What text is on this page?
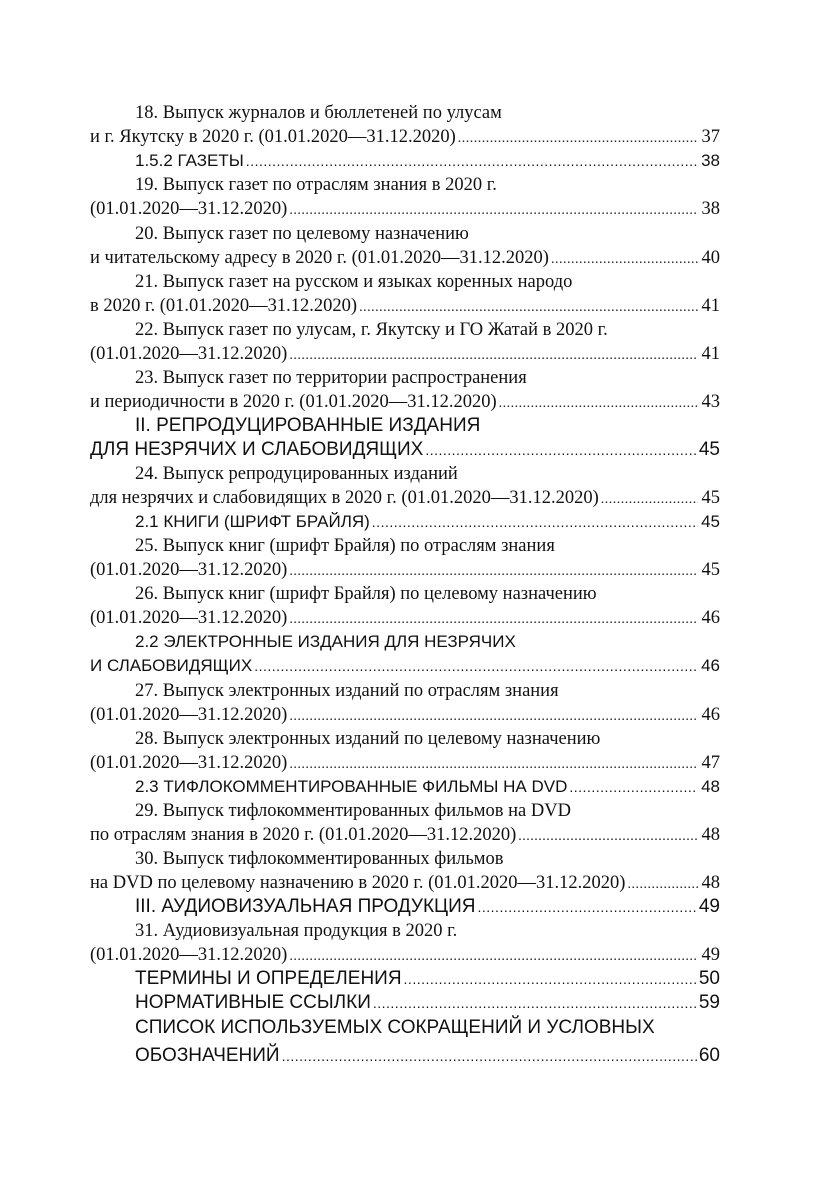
18. Выпуск журналов и бюллетеней по улусам
и г. Якутску в 2020 г. (01.01.2020—31.12.2020) .....	37
1.5.2 ГАЗЕТЫ .....	38
19. Выпуск газет по отраслям знания в 2020 г.
(01.01.2020—31.12.2020) .....	38
20. Выпуск газет по целевому назначению
и читательскому адресу в 2020 г. (01.01.2020—31.12.2020) .....	40
21. Выпуск газет на русском и языках коренных народо
в 2020 г. (01.01.2020—31.12.2020) .....	41
22. Выпуск газет по улусам, г. Якутску и ГО Жатай в 2020 г.
(01.01.2020—31.12.2020) .....	41
23. Выпуск газет по территории распространения
и периодичности в 2020 г. (01.01.2020—31.12.2020) .....	43
II. РЕПРОДУЦИРОВАННЫЕ ИЗДАНИЯ
ДЛЯ НЕЗРЯЧИХ И СЛАБОВИДЯЩИХ .....	45
24. Выпуск репродуцированных изданий
для незрячих и слабовидящих в 2020 г. (01.01.2020—31.12.2020) .....	45
2.1 КНИГИ (ШРИФТ БРАЙЛЯ) .....	45
25. Выпуск книг (шрифт Брайля) по отраслям знания
(01.01.2020—31.12.2020) .....	45
26. Выпуск книг (шрифт Брайля) по целевому назначению
(01.01.2020—31.12.2020) .....	46
2.2 ЭЛЕКТРОННЫЕ ИЗДАНИЯ ДЛЯ НЕЗРЯЧИХ
И СЛАБОВИДЯЩИХ .....	46
27. Выпуск электронных изданий по отраслям знания
(01.01.2020—31.12.2020) .....	46
28. Выпуск электронных изданий по целевому назначению
(01.01.2020—31.12.2020) .....	47
2.3 ТИФЛОКОММЕНТИРОВАННЫЕ ФИЛЬМЫ НА DVD .....	48
29. Выпуск тифлокомментированных фильмов на DVD
по отраслям знания в 2020 г. (01.01.2020—31.12.2020) .....	48
30. Выпуск тифлокомментированных фильмов
на DVD по целевому назначению в 2020 г. (01.01.2020—31.12.2020) .....	48
III. АУДИОВИЗУАЛЬНАЯ ПРОДУКЦИЯ .....	49
31. Аудиовизуальная продукция в 2020 г.
(01.01.2020—31.12.2020) .....	49
ТЕРМИНЫ И ОПРЕДЕЛЕНИЯ .....	50
НОРМАТИВНЫЕ ССЫЛКИ .....	59
СПИСОК ИСПОЛЬЗУЕМЫХ СОКРАЩЕНИЙ И УСЛОВНЫХ
ОБОЗНАЧЕНИЙ .....	60
